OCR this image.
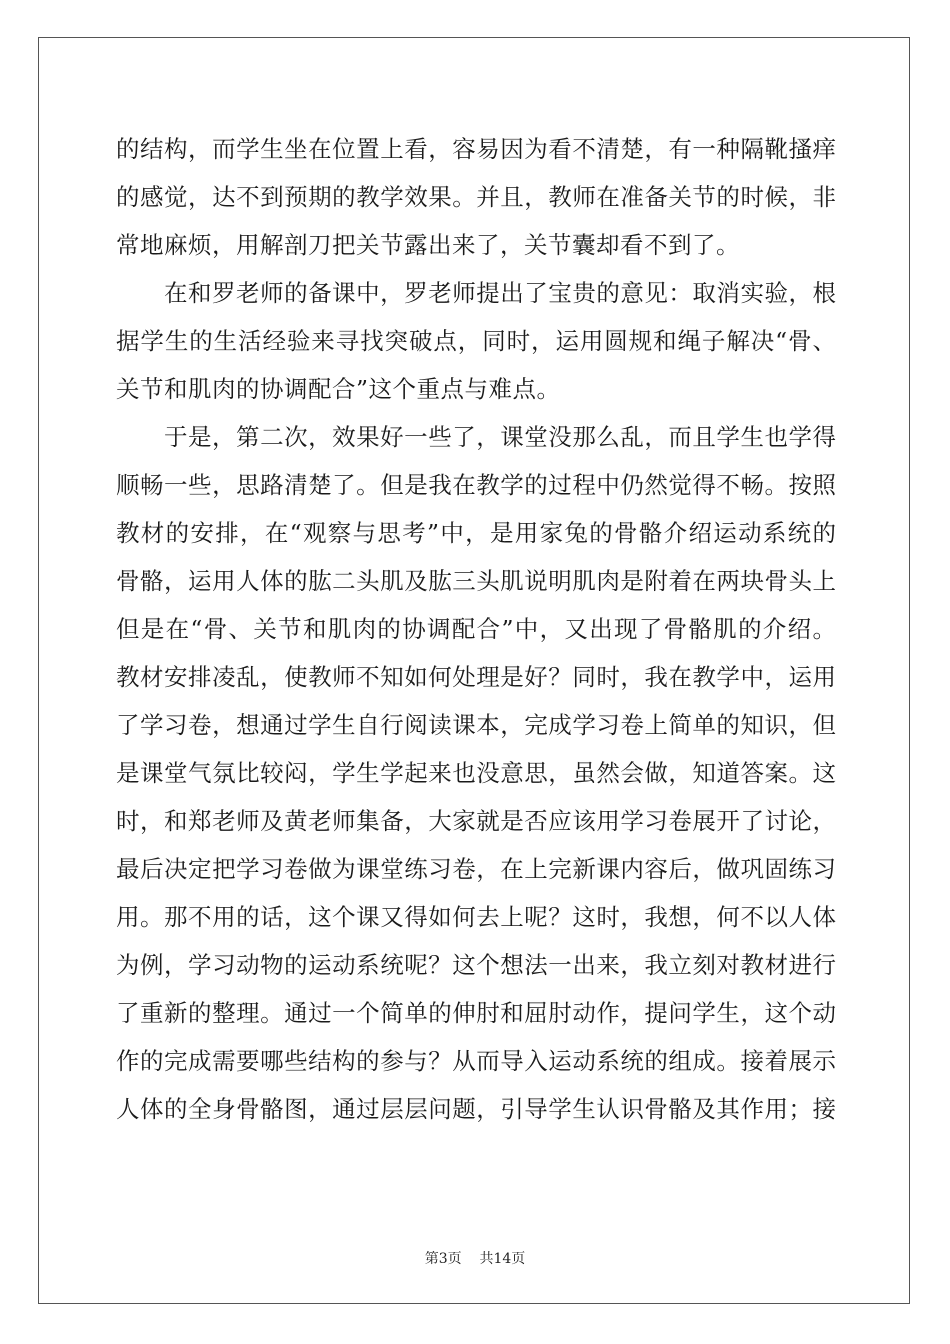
的结构，而学生坐在位置上看，容易因为看不清楚，有一种隔靴搔痒
的感觉，达不到预期的教学效果。并且，教师在准备关节的时候，非
常地麻烦，用解剖刀把关节露出来了，关节囊却看不到了。
在和罗老师的备课中，罗老师提出了宝贵的意见：取消实验，根
据学生的生活经验来寻找突破点，同时，运用圆规和绳子解决“骨、
关节和肌肉的协调配合”这个重点与难点。
于是，第二次，效果好一些了，课堂没那么乱，而且学生也学得
顺畅一些，思路清楚了。但是我在教学的过程中仍然觉得不畅。按照
教材的安排，在“观察与思考”中，是用家兔的骨骼介绍运动系统的
骨骼，运用人体的肱二头肌及肱三头肌说明肌肉是附着在两块骨头上
但是在“骨、关节和肌肉的协调配合”中，又出现了骨骼肌的介绍。
教材安排凌乱，使教师不知如何处理是好？同时，我在教学中，运用
了学习卷，想通过学生自行阅读课本，完成学习卷上简单的知识，但
是课堂气氛比较闷，学生学起来也没意思，虽然会做，知道答案。这
时，和郑老师及黄老师集备，大家就是否应该用学习卷展开了讨论，
最后决定把学习卷做为课堂练习卷，在上完新课内容后，做巩固练习
用。那不用的话，这个课又得如何去上呢？这时，我想，何不以人体
为例，学习动物的运动系统呢？这个想法一出来，我立刻对教材进行
了重新的整理。通过一个简单的伸肘和屈肘动作，提问学生，这个动
作的完成需要哪些结构的参与？从而导入运动系统的组成。接着展示
人体的全身骨骼图，通过层层问题，引导学生认识骨骼及其作用；接
第3页 共14页
